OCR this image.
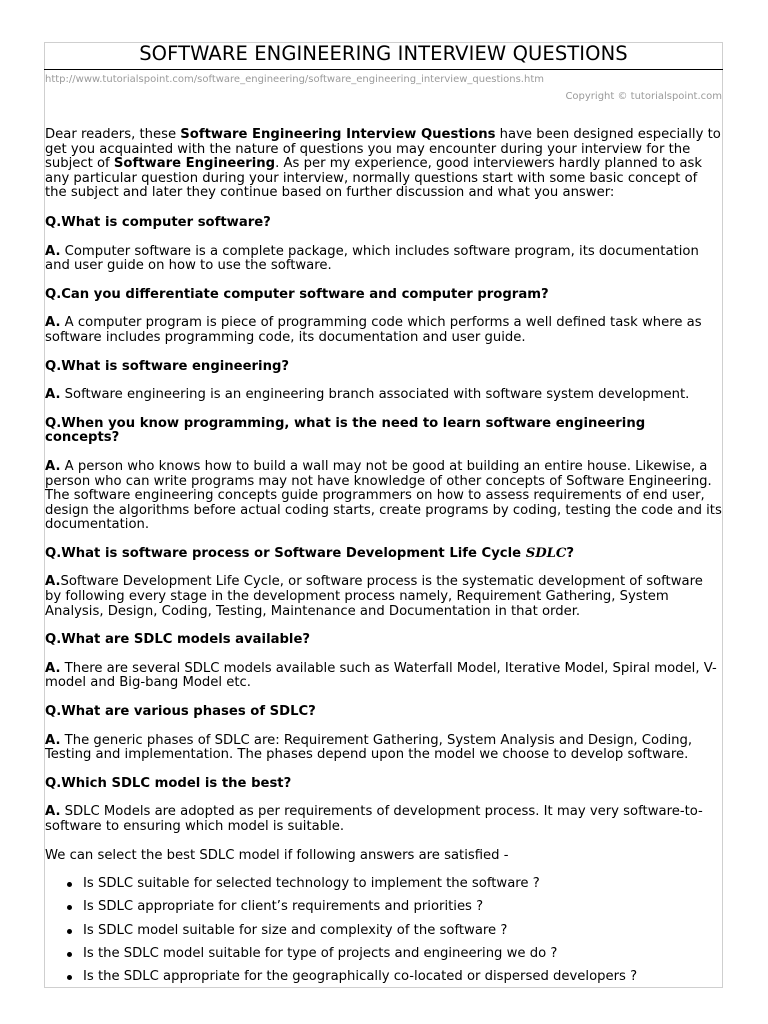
SOFTWARE ENGINEERING INTERVIEW QUESTIONS
http://www.tutorialspoint.com/software_engineering/software_engineering_interview_questions.htm
Copyright © tutorialspoint.com

Dear readers, these Software Engineering Interview Questions have been designed especially to get you acquainted with the nature of questions you may encounter during your interview for the subject of Software Engineering. As per my experience, good interviewers hardly planned to ask any particular question during your interview, normally questions start with some basic concept of the subject and later they continue based on further discussion and what you answer:

Q.What is computer software?

A. Computer software is a complete package, which includes software program, its documentation and user guide on how to use the software.

Q.Can you differentiate computer software and computer program?

A. A computer program is piece of programming code which performs a well defined task where as software includes programming code, its documentation and user guide.

Q.What is software engineering?

A. Software engineering is an engineering branch associated with software system development.

Q.When you know programming, what is the need to learn software engineering concepts?

A. A person who knows how to build a wall may not be good at building an entire house. Likewise, a person who can write programs may not have knowledge of other concepts of Software Engineering. The software engineering concepts guide programmers on how to assess requirements of end user, design the algorithms before actual coding starts, create programs by coding, testing the code and its documentation.

Q.What is software process or Software Development Life Cycle SDLC?

A.Software Development Life Cycle, or software process is the systematic development of software by following every stage in the development process namely, Requirement Gathering, System Analysis, Design, Coding, Testing, Maintenance and Documentation in that order.

Q.What are SDLC models available?

A. There are several SDLC models available such as Waterfall Model, Iterative Model, Spiral model, V-model and Big-bang Model etc.

Q.What are various phases of SDLC?

A. The generic phases of SDLC are: Requirement Gathering, System Analysis and Design, Coding, Testing and implementation. The phases depend upon the model we choose to develop software.

Q.Which SDLC model is the best?

A. SDLC Models are adopted as per requirements of development process. It may very software-to-software to ensuring which model is suitable.

We can select the best SDLC model if following answers are satisfied -

Is SDLC suitable for selected technology to implement the software ?
Is SDLC appropriate for client’s requirements and priorities ?
Is SDLC model suitable for size and complexity of the software ?
Is the SDLC model suitable for type of projects and engineering we do ?
Is the SDLC appropriate for the geographically co-located or dispersed developers ?
